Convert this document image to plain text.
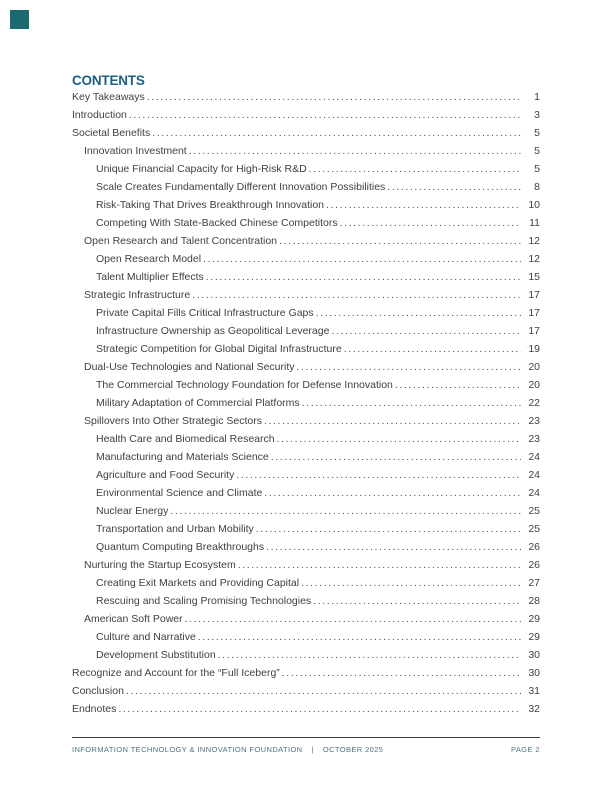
CONTENTS
Key Takeaways .....	1
Introduction .....	3
Societal Benefits .....	5
Innovation Investment .....	5
Unique Financial Capacity for High-Risk R&D .....	5
Scale Creates Fundamentally Different Innovation Possibilities .....	8
Risk-Taking That Drives Breakthrough Innovation .....	10
Competing With State-Backed Chinese Competitors .....	11
Open Research and Talent Concentration .....	12
Open Research Model .....	12
Talent Multiplier Effects .....	15
Strategic Infrastructure .....	17
Private Capital Fills Critical Infrastructure Gaps .....	17
Infrastructure Ownership as Geopolitical Leverage .....	17
Strategic Competition for Global Digital Infrastructure .....	19
Dual-Use Technologies and National Security .....	20
The Commercial Technology Foundation for Defense Innovation .....	20
Military Adaptation of Commercial Platforms .....	22
Spillovers Into Other Strategic Sectors .....	23
Health Care and Biomedical Research .....	23
Manufacturing and Materials Science .....	24
Agriculture and Food Security .....	24
Environmental Science and Climate .....	24
Nuclear Energy .....	25
Transportation and Urban Mobility .....	25
Quantum Computing Breakthroughs .....	26
Nurturing the Startup Ecosystem .....	26
Creating Exit Markets and Providing Capital .....	27
Rescuing and Scaling Promising Technologies .....	28
American Soft Power .....	29
Culture and Narrative .....	29
Development Substitution .....	30
Recognize and Account for the “Full Iceberg” .....	30
Conclusion .....	31
Endnotes .....	32
INFORMATION TECHNOLOGY & INNOVATION FOUNDATION | OCTOBER 2025	PAGE 2
